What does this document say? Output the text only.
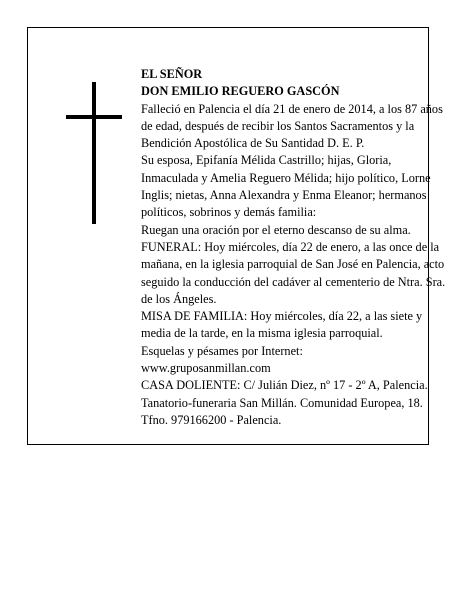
EL SEÑOR

DON EMILIO REGUERO GASCÓN

Falleció en Palencia el día 21 de enero de 2014, a los 87 años de edad, después de recibir los Santos Sacramentos y la Bendición Apostólica de Su Santidad D. E. P.

Su esposa, Epifanía Mélida Castrillo; hijas, Gloria, Inmaculada y Amelia Reguero Mélida; hijo político, Lorne Inglis; nietas, Anna Alexandra y Enma Eleanor; hermanos políticos, sobrinos y demás familia:

Ruegan una oración por el eterno descanso de su alma.

FUNERAL: Hoy miércoles, día 22 de enero, a las once de la mañana, en la iglesia parroquial de San José en Palencia, acto seguido la conducción del cadáver al cementerio de Ntra. Sra. de los Ángeles.

MISA DE FAMILIA: Hoy miércoles, día 22, a las siete y media de la tarde, en la misma iglesia parroquial.

Esquelas y pésames por Internet:

www.gruposanmillan.com

CASA DOLIENTE: C/ Julián Diez, nº 17 - 2º A, Palencia.

Tanatorio-funeraria San Millán. Comunidad Europea, 18. Tfno. 979166200 - Palencia.
